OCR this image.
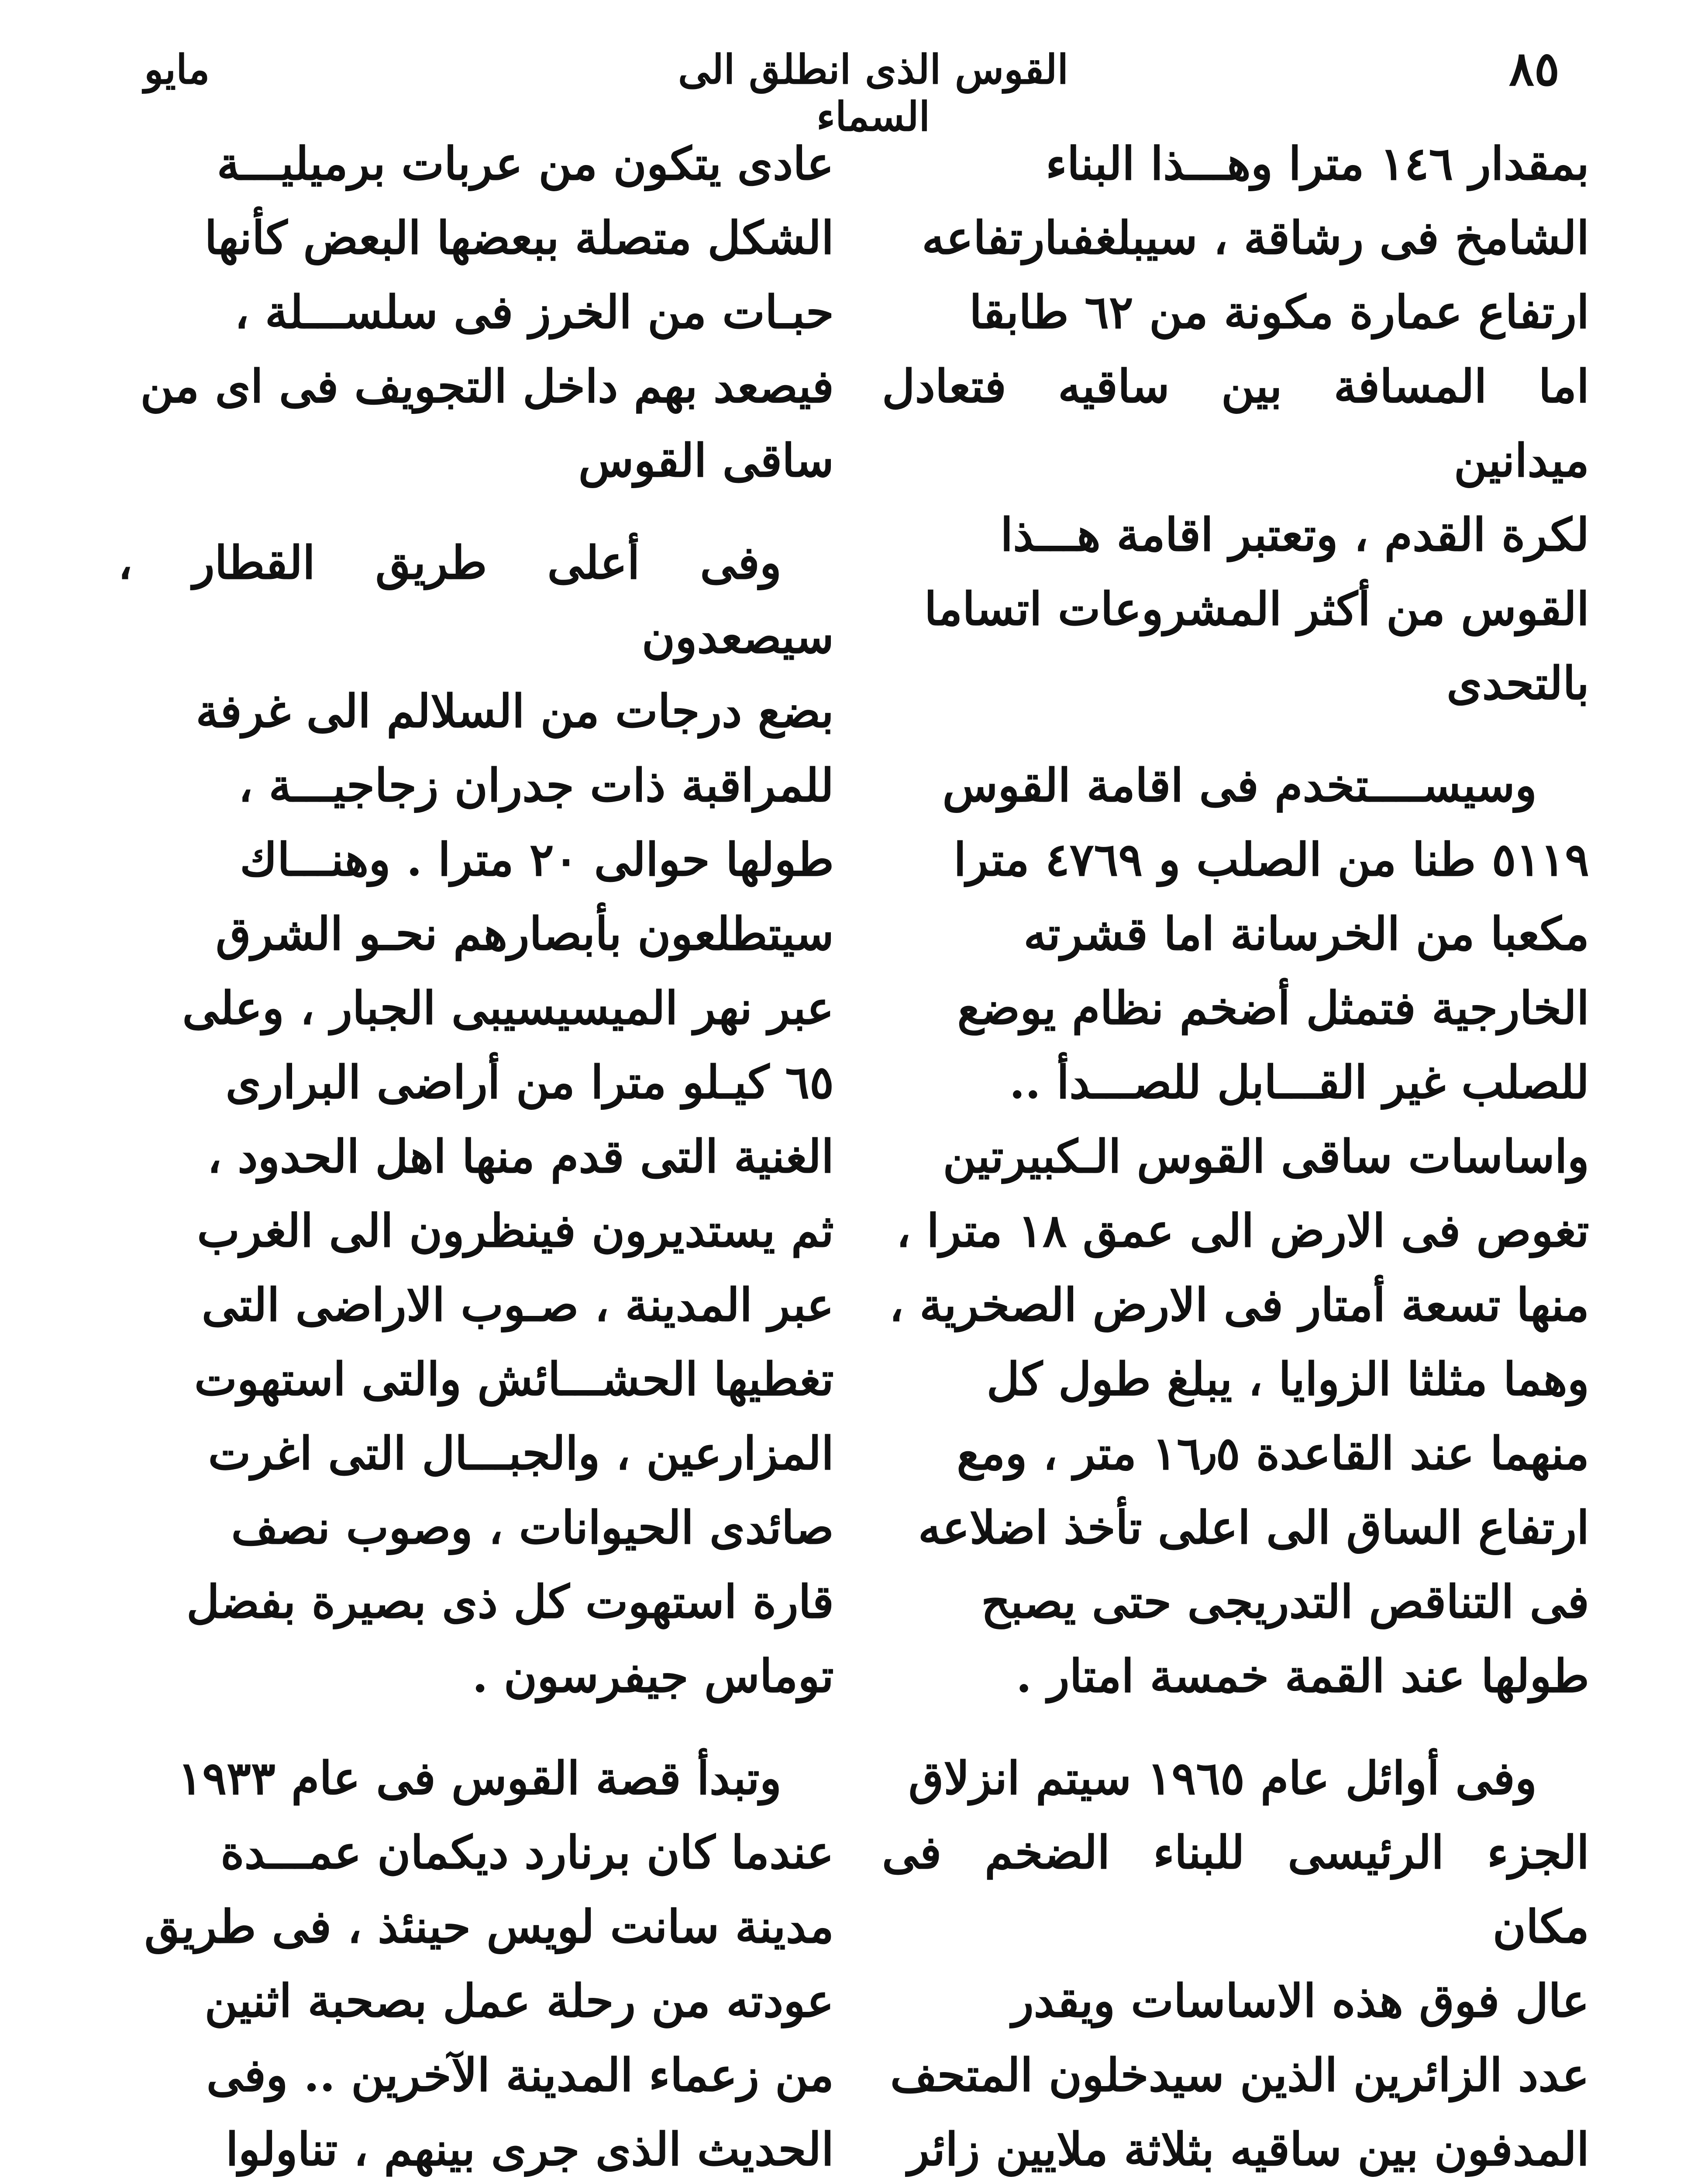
٨٥
القوس الذى انطلق الى السماء
مايو

بمقدار ١٤٦ مترا وهـــذا البناء
الشامخ فى رشاقة ، سيبلغفىارتفاعه
ارتفاع عمارة مكونة من ٦٢ طابقا
اما المسافة بين ساقيه فتعادل ميدانين
لكرة القدم ، وتعتبر اقامة هـــذا
القوس من أكثر المشروعات اتساما
بالتحدى

وسيســــتخدم فى اقامة القوس
٥١١٩ طنا من الصلب و ٤٧٦٩ مترا
مكعبا من الخرسانة اما قشرته
الخارجية فتمثل أضخم نظام يوضع
للصلب غير القـــابل للصـــدأ ..
واساسات ساقى القوس الـكبيرتين
تغوص فى الارض الى عمق ١٨ مترا ،
منها تسعة أمتار فى الارض الصخرية ،
وهما مثلثا الزوايا ، يبلغ طول كل
منهما عند القاعدة ١٦٫٥ متر ، ومع
ارتفاع الساق الى اعلى تأخذ اضلاعه
فى التناقص التدريجى حتى يصبح
طولها عند القمة خمسة امتار .

وفى أوائل عام ١٩٦٥ سيتم انزلاق
الجزء الرئيسى للبناء الضخم فى مكان
عال فوق هذه الاساسات ويقدر
عدد الزائرين الذين سيدخلون المتحف
المدفون بين ساقيه بثلاثة ملايين زائر

عادى يتكون من عربات برميليـــة
الشكل متصلة ببعضها البعض كأنها
حبـات من الخرز فى سلســـلة ،
فيصعد بهم داخل التجويف فى اى من
ساقى القوس

وفى أعلى طريق القطار ، سيصعدون
بضع درجات من السلالم الى غرفة
للمراقبة ذات جدران زجاجيـــة ،
طولها حوالى ٢٠ مترا . وهنـــاك
سيتطلعون بأبصارهم نحـو الشرق
عبر نهر الميسيسيبى الجبار ، وعلى
٦٥ كيـلو مترا من أراضى البرارى
الغنية التى قدم منها اهل الحدود ،
ثم يستديرون فينظرون الى الغرب
عبر المدينة ، صـوب الاراضى التى
تغطيها الحشـــائش والتى استهوت
المزارعين ، والجبـــال التى اغرت
صائدى الحيوانات ، وصوب نصف
قارة استهوت كل ذى بصيرة بفضل
توماس جيفرسون .

وتبدأ قصة القوس فى عام ١٩٣٣
عندما كان برنارد ديكمان عمـــدة
مدينة سانت لويس حينئذ ، فى طريق
عودته من رحلة عمل بصحبة اثنين
من زعماء المدينة الآخرين .. وفى
الحديث الذى جرى بينهم ، تناولوا
